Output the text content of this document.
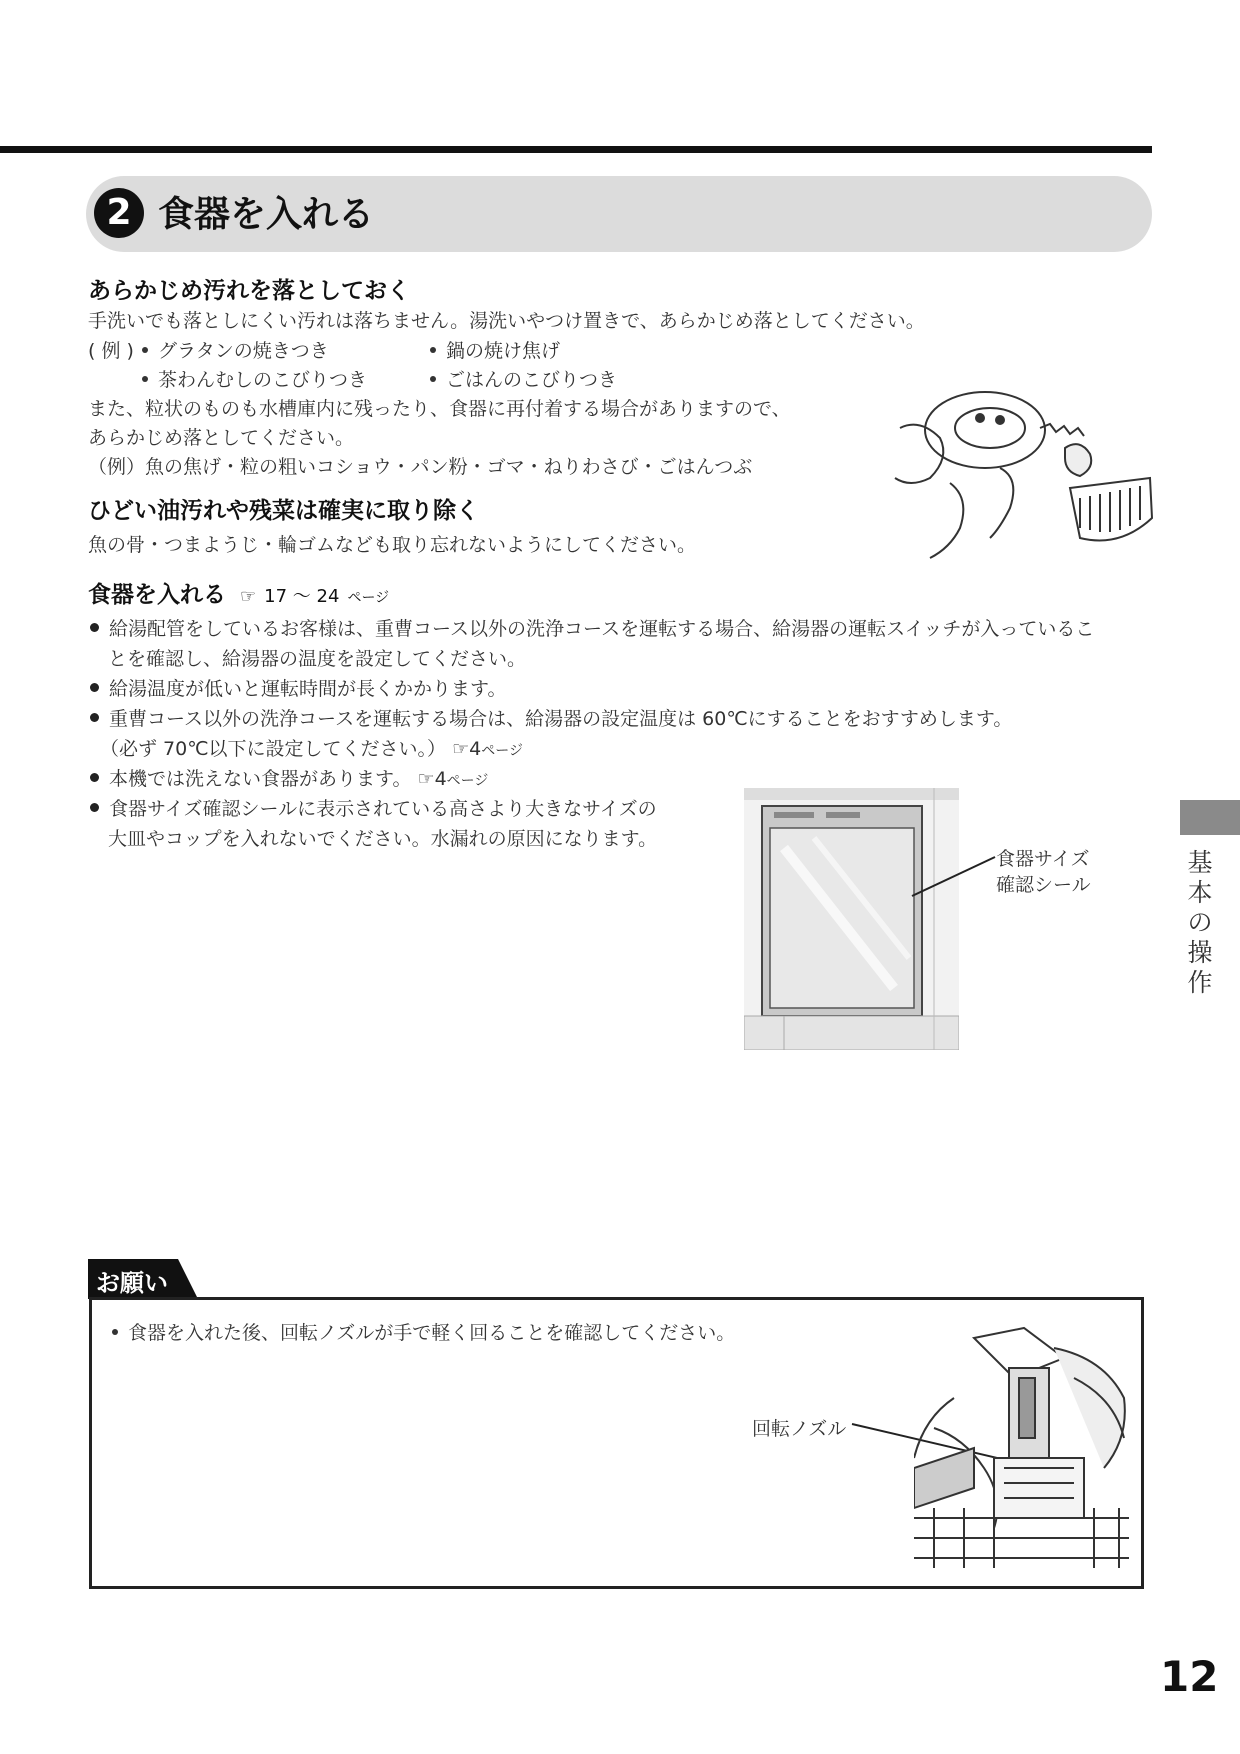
2 食器を入れる
あらかじめ汚れを落としておく
手洗いでも落としにくい汚れは落ちません。湯洗いやつけ置きで、あらかじめ落としてください。
( 例 )	グラタンの焼きつき	鍋の焼け焦げ
茶わんむしのこびりつき	ごはんのこびりつき
また、粒状のものも水槽庫内に残ったり、食器に再付着する場合がありますので、
あらかじめ落としてください。
（例）魚の焦げ・粒の粗いコショウ・パン粉・ゴマ・ねりわさび・ごはんつぶ
ひどい油汚れや残菜は確実に取り除く
魚の骨・つまようじ・輪ゴムなども取り忘れないようにしてください。
食器を入れる ☞ 17 ～ 24 ページ
給湯配管をしているお客様は、重曹コース以外の洗浄コースを運転する場合、給湯器の運転スイッチが入っているこ
とを確認し、給湯器の温度を設定してください。
給湯温度が低いと運転時間が長くかかります。
重曹コース以外の洗浄コースを運転する場合は、給湯器の設定温度は 60℃にすることをおすすめします。
（必ず 70℃以下に設定してください。） ☞4ページ
本機では洗えない食器があります。 ☞4ページ
食器サイズ確認シールに表示されている高さより大きなサイズの
大皿やコップを入れないでください。水漏れの原因になります。
食器サイズ
確認シール
基本の操作
お願い
食器を入れた後、回転ノズルが手で軽く回ることを確認してください。
回転ノズル
12
